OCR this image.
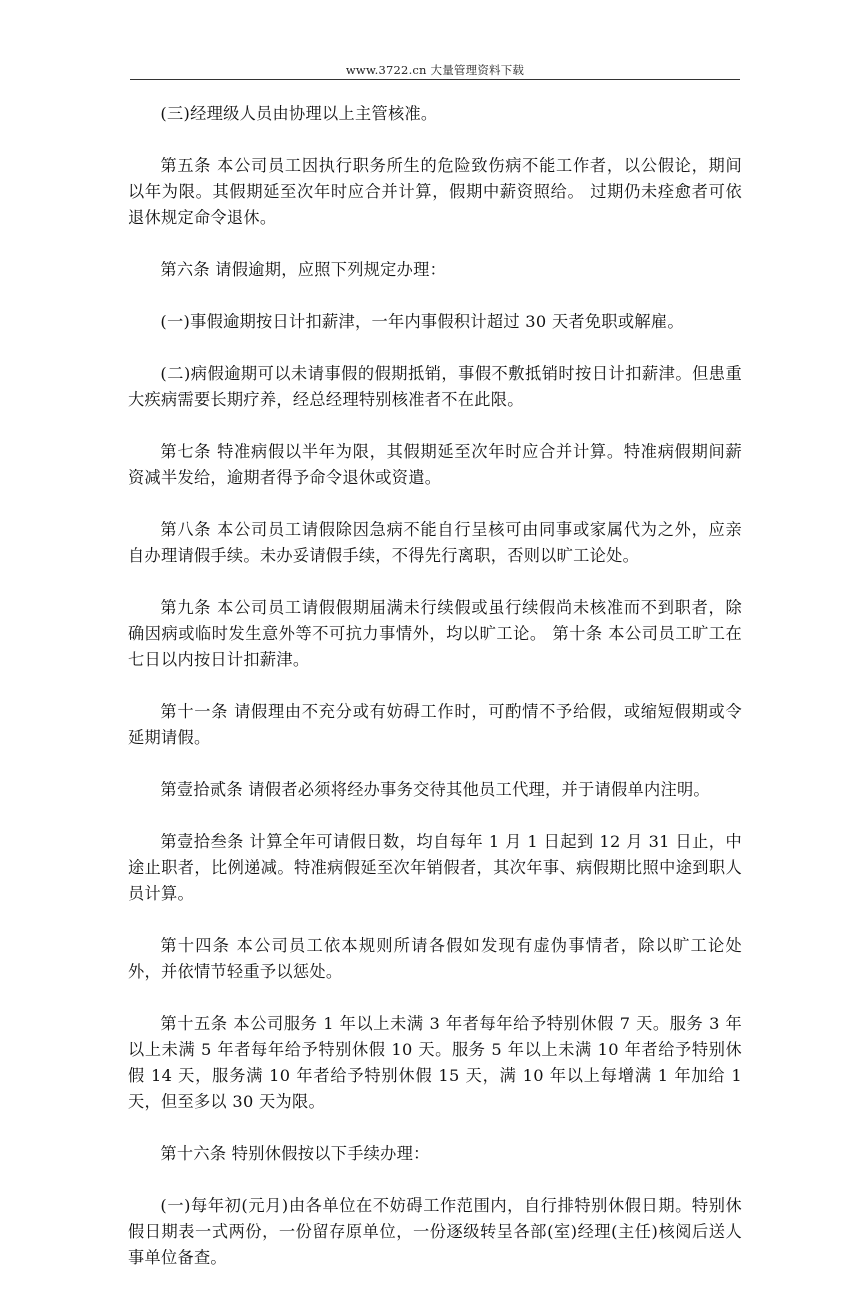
www.3722.cn 大量管理资料下载

(三)经理级人员由协理以上主管核准。

第五条 本公司员工因执行职务所生的危险致伤病不能工作者，以公假论，期间以年为限。其假期延至次年时应合并计算，假期中薪资照给。 过期仍未痊愈者可依退休规定命令退休。

第六条 请假逾期，应照下列规定办理：

(一)事假逾期按日计扣薪津，一年内事假积计超过 30 天者免职或解雇。

(二)病假逾期可以未请事假的假期抵销，事假不敷抵销时按日计扣薪津。但患重大疾病需要长期疗养，经总经理特别核准者不在此限。

第七条 特准病假以半年为限，其假期延至次年时应合并计算。特准病假期间薪资减半发给，逾期者得予命令退休或资遣。

第八条 本公司员工请假除因急病不能自行呈核可由同事或家属代为之外，应亲自办理请假手续。未办妥请假手续，不得先行离职，否则以旷工论处。

第九条 本公司员工请假假期届满未行续假或虽行续假尚未核准而不到职者，除确因病或临时发生意外等不可抗力事情外，均以旷工论。 第十条 本公司员工旷工在七日以内按日计扣薪津。

第十一条 请假理由不充分或有妨碍工作时，可酌情不予给假，或缩短假期或令延期请假。

第壹拾贰条 请假者必须将经办事务交待其他员工代理，并于请假单内注明。

第壹拾叁条 计算全年可请假日数，均自每年 1 月 1 日起到 12 月 31 日止，中途止职者，比例递减。特准病假延至次年销假者，其次年事、病假期比照中途到职人员计算。

第十四条 本公司员工依本规则所请各假如发现有虚伪事情者，除以旷工论处外，并依情节轻重予以惩处。

第十五条 本公司服务 1 年以上未满 3 年者每年给予特别休假 7 天。服务 3 年以上未满 5 年者每年给予特别休假 10 天。服务 5 年以上未满 10 年者给予特别休假 14 天，服务满 10 年者给予特别休假 15 天，满 10 年以上每增满 1 年加给 1 天，但至多以 30 天为限。

第十六条 特别休假按以下手续办理：

(一)每年初(元月)由各单位在不妨碍工作范围内，自行排特别休假日期。特别休假日期表一式两份，一份留存原单位，一份逐级转呈各部(室)经理(主任)核阅后送人事单位备查。
